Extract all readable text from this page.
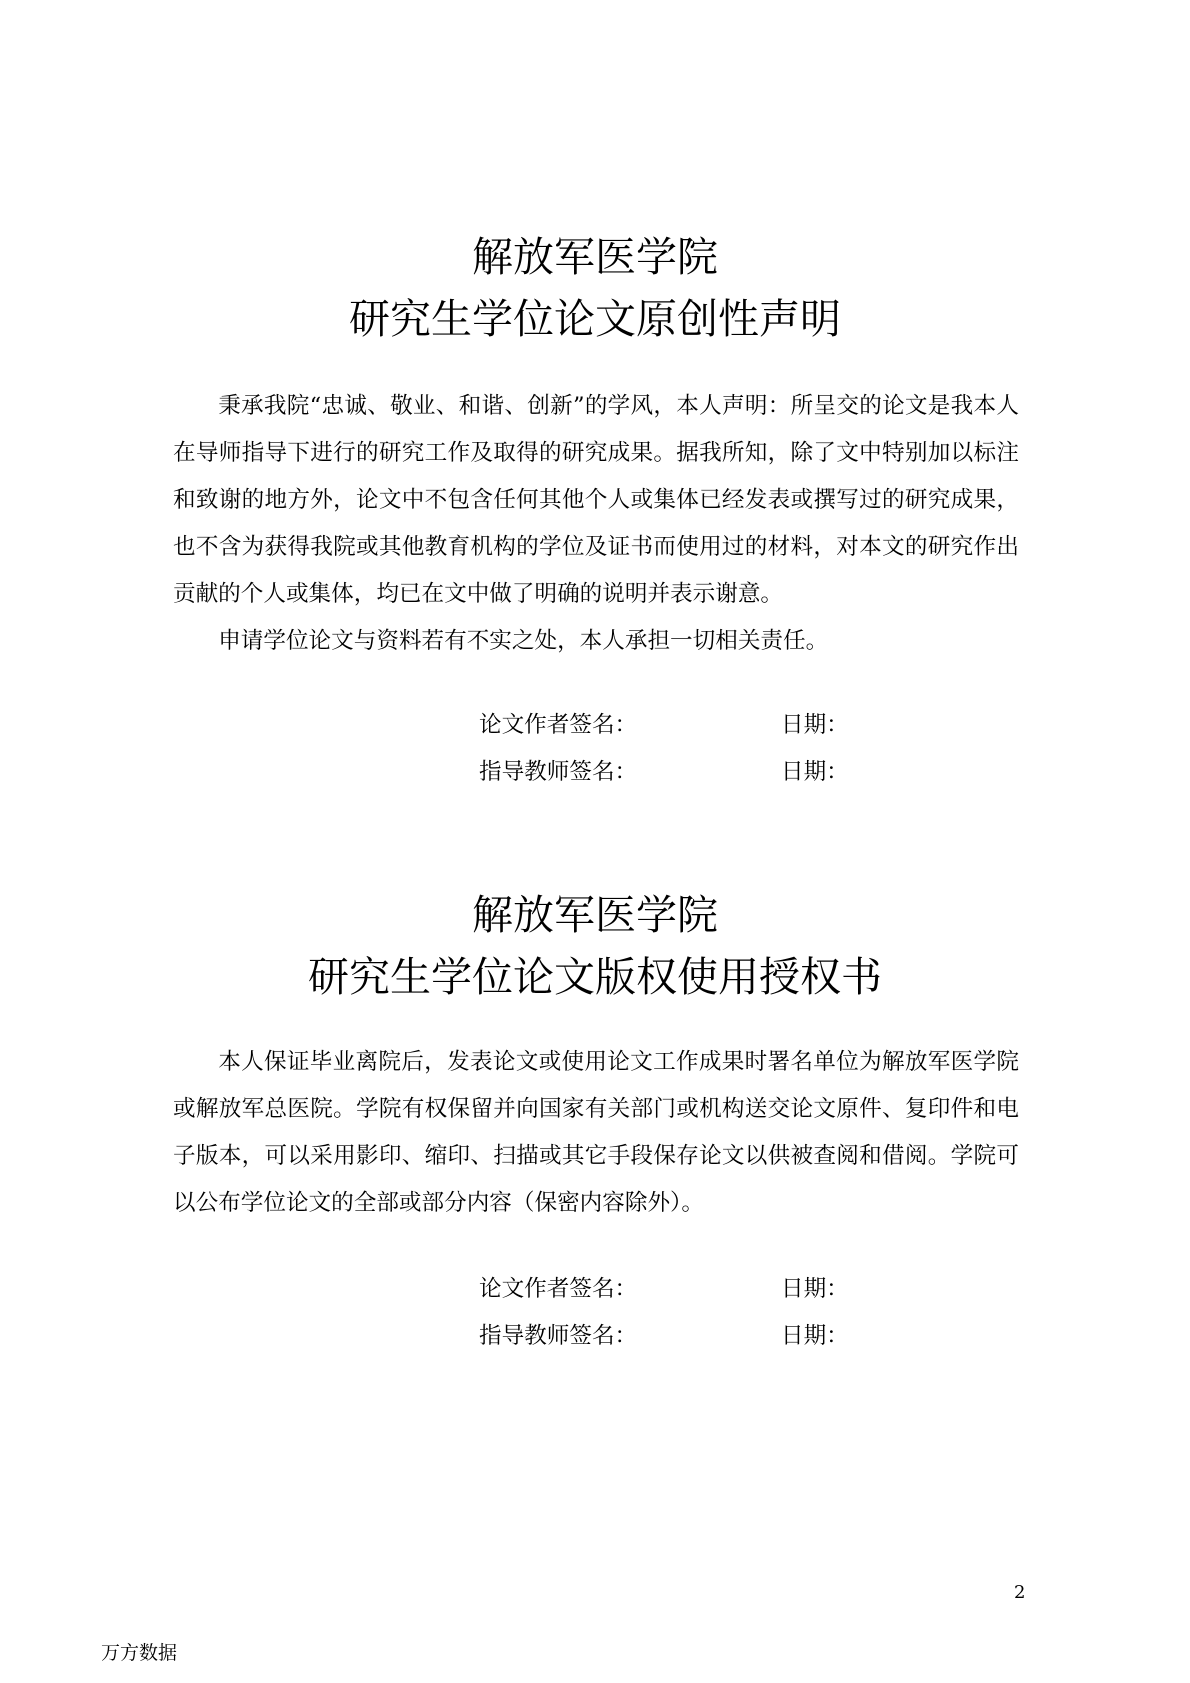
解放军医学院
研究生学位论文原创性声明

秉承我院“忠诚、敬业、和谐、创新”的学风，本人声明：所呈交的论文是我本人在导师指导下进行的研究工作及取得的研究成果。据我所知，除了文中特别加以标注和致谢的地方外，论文中不包含任何其他个人或集体已经发表或撰写过的研究成果，也不含为获得我院或其他教育机构的学位及证书而使用过的材料，对本文的研究作出贡献的个人或集体，均已在文中做了明确的说明并表示谢意。

申请学位论文与资料若有不实之处，本人承担一切相关责任。

论文作者签名：	日期：
指导教师签名：	日期：
解放军医学院
研究生学位论文版权使用授权书

本人保证毕业离院后，发表论文或使用论文工作成果时署名单位为解放军医学院或解放军总医院。学院有权保留并向国家有关部门或机构送交论文原件、复印件和电子版本，可以采用影印、缩印、扫描或其它手段保存论文以供被查阅和借阅。学院可以公布学位论文的全部或部分内容（保密内容除外）。

论文作者签名：	日期：
指导教师签名：	日期：
2
万方数据
